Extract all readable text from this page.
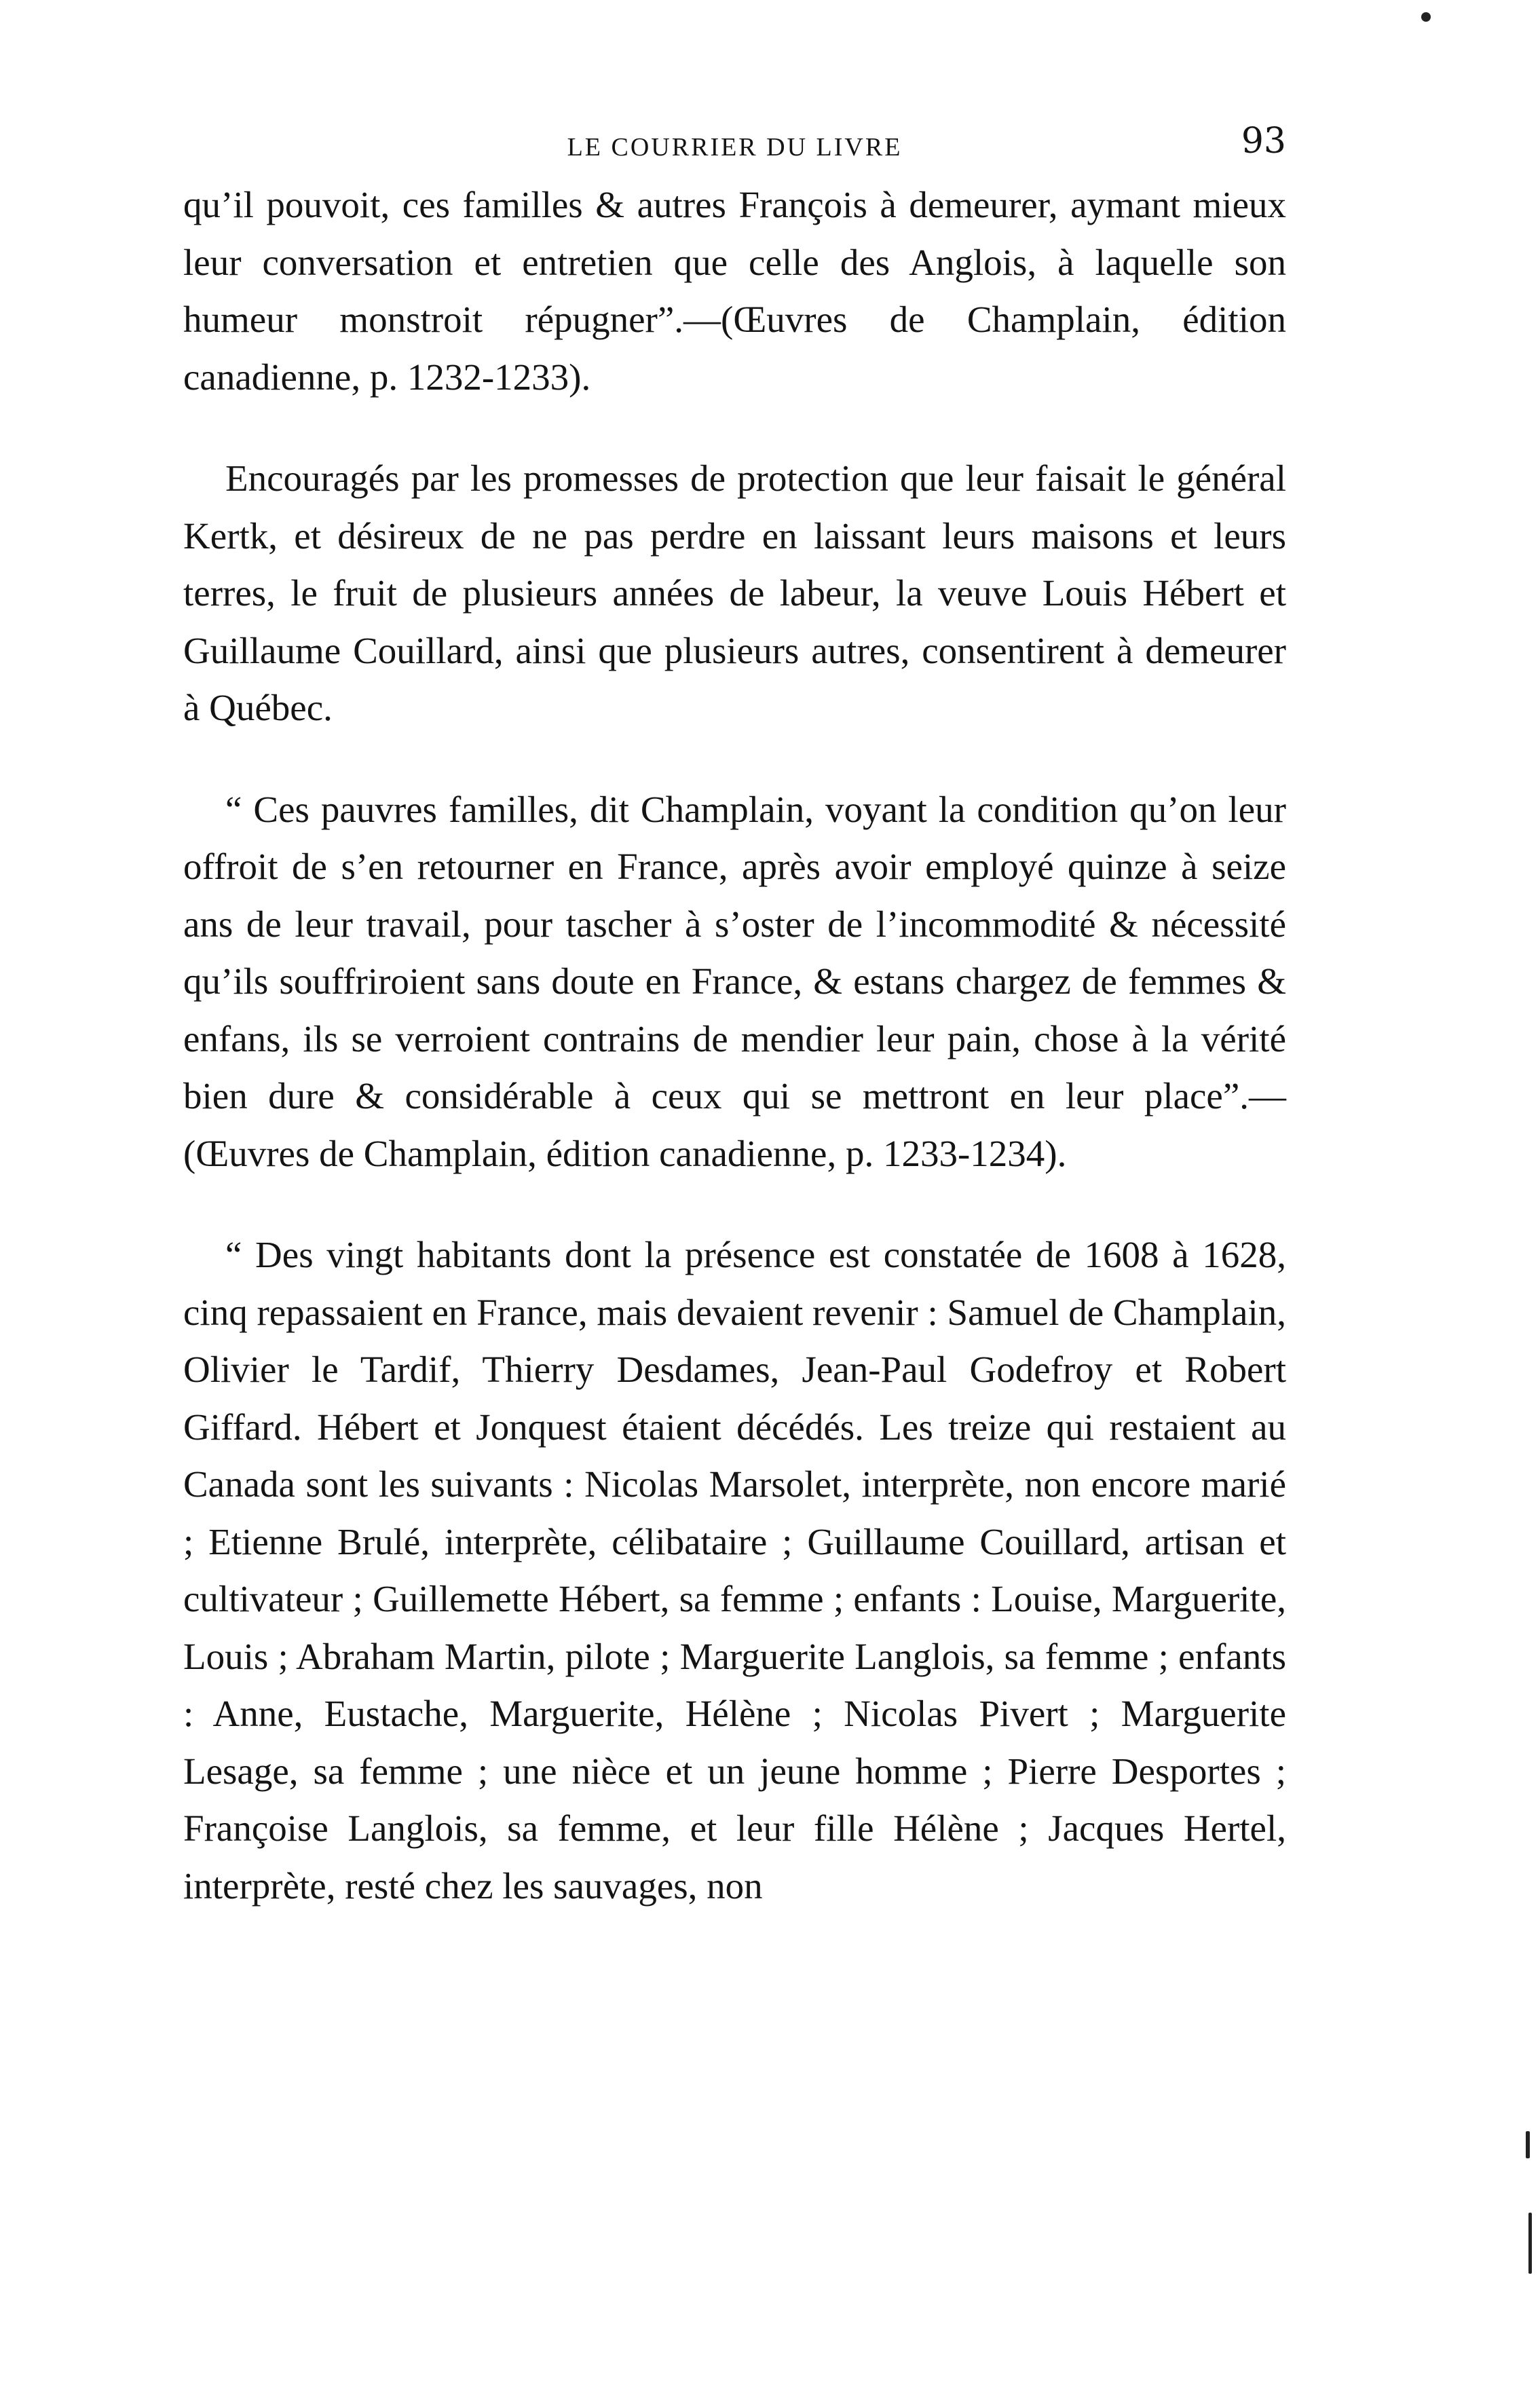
LE COURRIER DU LIVRE	93

qu’il pouvoit, ces familles & autres François à demeurer, aymant mieux leur conversation et entretien que celle des Anglois, à laquelle son humeur monstroit répugner”.—(Œuvres de Champlain, édition canadienne, p. 1232-1233).

Encouragés par les promesses de protection que leur faisait le général Kertk, et désireux de ne pas perdre en laissant leurs maisons et leurs terres, le fruit de plusieurs années de labeur, la veuve Louis Hébert et Guillaume Couillard, ainsi que plusieurs autres, consentirent à demeurer à Québec.

“ Ces pauvres familles, dit Champlain, voyant la condition qu’on leur offroit de s’en retourner en France, après avoir employé quinze à seize ans de leur travail, pour tascher à s’oster de l’incommodité & nécessité qu’ils souffriroient sans doute en France, & estans chargez de femmes & enfans, ils se verroient contrains de mendier leur pain, chose à la vérité bien dure & considérable à ceux qui se mettront en leur place”.—(Œuvres de Champlain, édition canadienne, p. 1233-1234).

“ Des vingt habitants dont la présence est constatée de 1608 à 1628, cinq repassaient en France, mais devaient revenir : Samuel de Champlain, Olivier le Tardif, Thierry Desdames, Jean-Paul Godefroy et Robert Giffard. Hébert et Jonquest étaient décédés. Les treize qui restaient au Canada sont les suivants : Nicolas Marsolet, interprète, non encore marié ; Etienne Brulé, interprète, célibataire ; Guillaume Couillard, artisan et cultivateur ; Guillemette Hébert, sa femme ; enfants : Louise, Marguerite, Louis ; Abraham Martin, pilote ; Marguerite Langlois, sa femme ; enfants : Anne, Eustache, Marguerite, Hélène ; Nicolas Pivert ; Marguerite Lesage, sa femme ; une nièce et un jeune homme ; Pierre Desportes ; Françoise Langlois, sa femme, et leur fille Hélène ; Jacques Hertel, interprète, resté chez les sauvages, non
